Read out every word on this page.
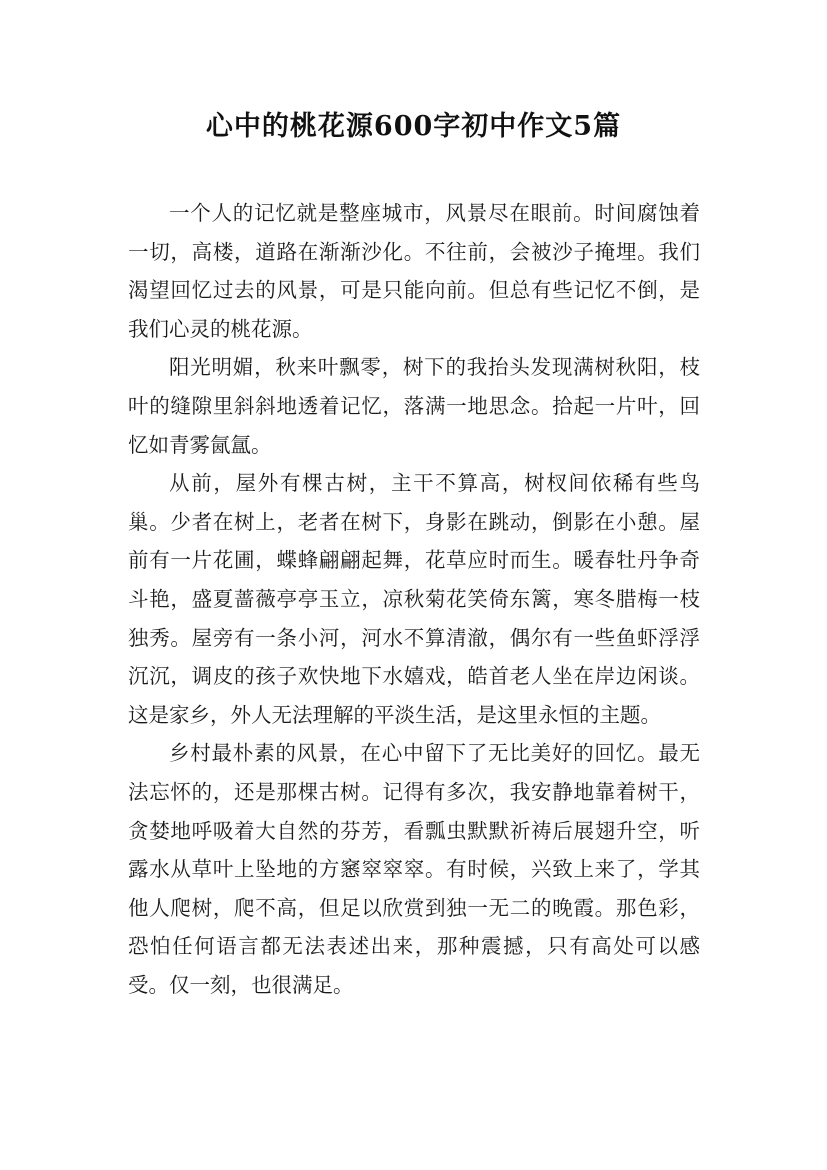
心中的桃花源600字初中作文5篇

一个人的记忆就是整座城市，风景尽在眼前。时间腐蚀着一切，高楼，道路在渐渐沙化。不往前，会被沙子掩埋。我们渴望回忆过去的风景，可是只能向前。但总有些记忆不倒，是我们心灵的桃花源。

阳光明媚，秋来叶飘零，树下的我抬头发现满树秋阳，枝叶的缝隙里斜斜地透着记忆，落满一地思念。拾起一片叶，回忆如青雾氤氲。

从前，屋外有棵古树，主干不算高，树杈间依稀有些鸟巢。少者在树上，老者在树下，身影在跳动，倒影在小憩。屋前有一片花圃，蝶蜂翩翩起舞，花草应时而生。暖春牡丹争奇斗艳，盛夏蔷薇亭亭玉立，凉秋菊花笑倚东篱，寒冬腊梅一枝独秀。屋旁有一条小河，河水不算清澈，偶尔有一些鱼虾浮浮沉沉，调皮的孩子欢快地下水嬉戏，皓首老人坐在岸边闲谈。这是家乡，外人无法理解的平淡生活，是这里永恒的主题。

乡村最朴素的风景，在心中留下了无比美好的回忆。最无法忘怀的，还是那棵古树。记得有多次，我安静地靠着树干，贪婪地呼吸着大自然的芬芳，看瓢虫默默祈祷后展翅升空，听露水从草叶上坠地的方窸窣窣窣。有时候，兴致上来了，学其他人爬树，爬不高，但足以欣赏到独一无二的晚霞。那色彩，恐怕任何语言都无法表述出来，那种震撼，只有高处可以感受。仅一刻，也很满足。
